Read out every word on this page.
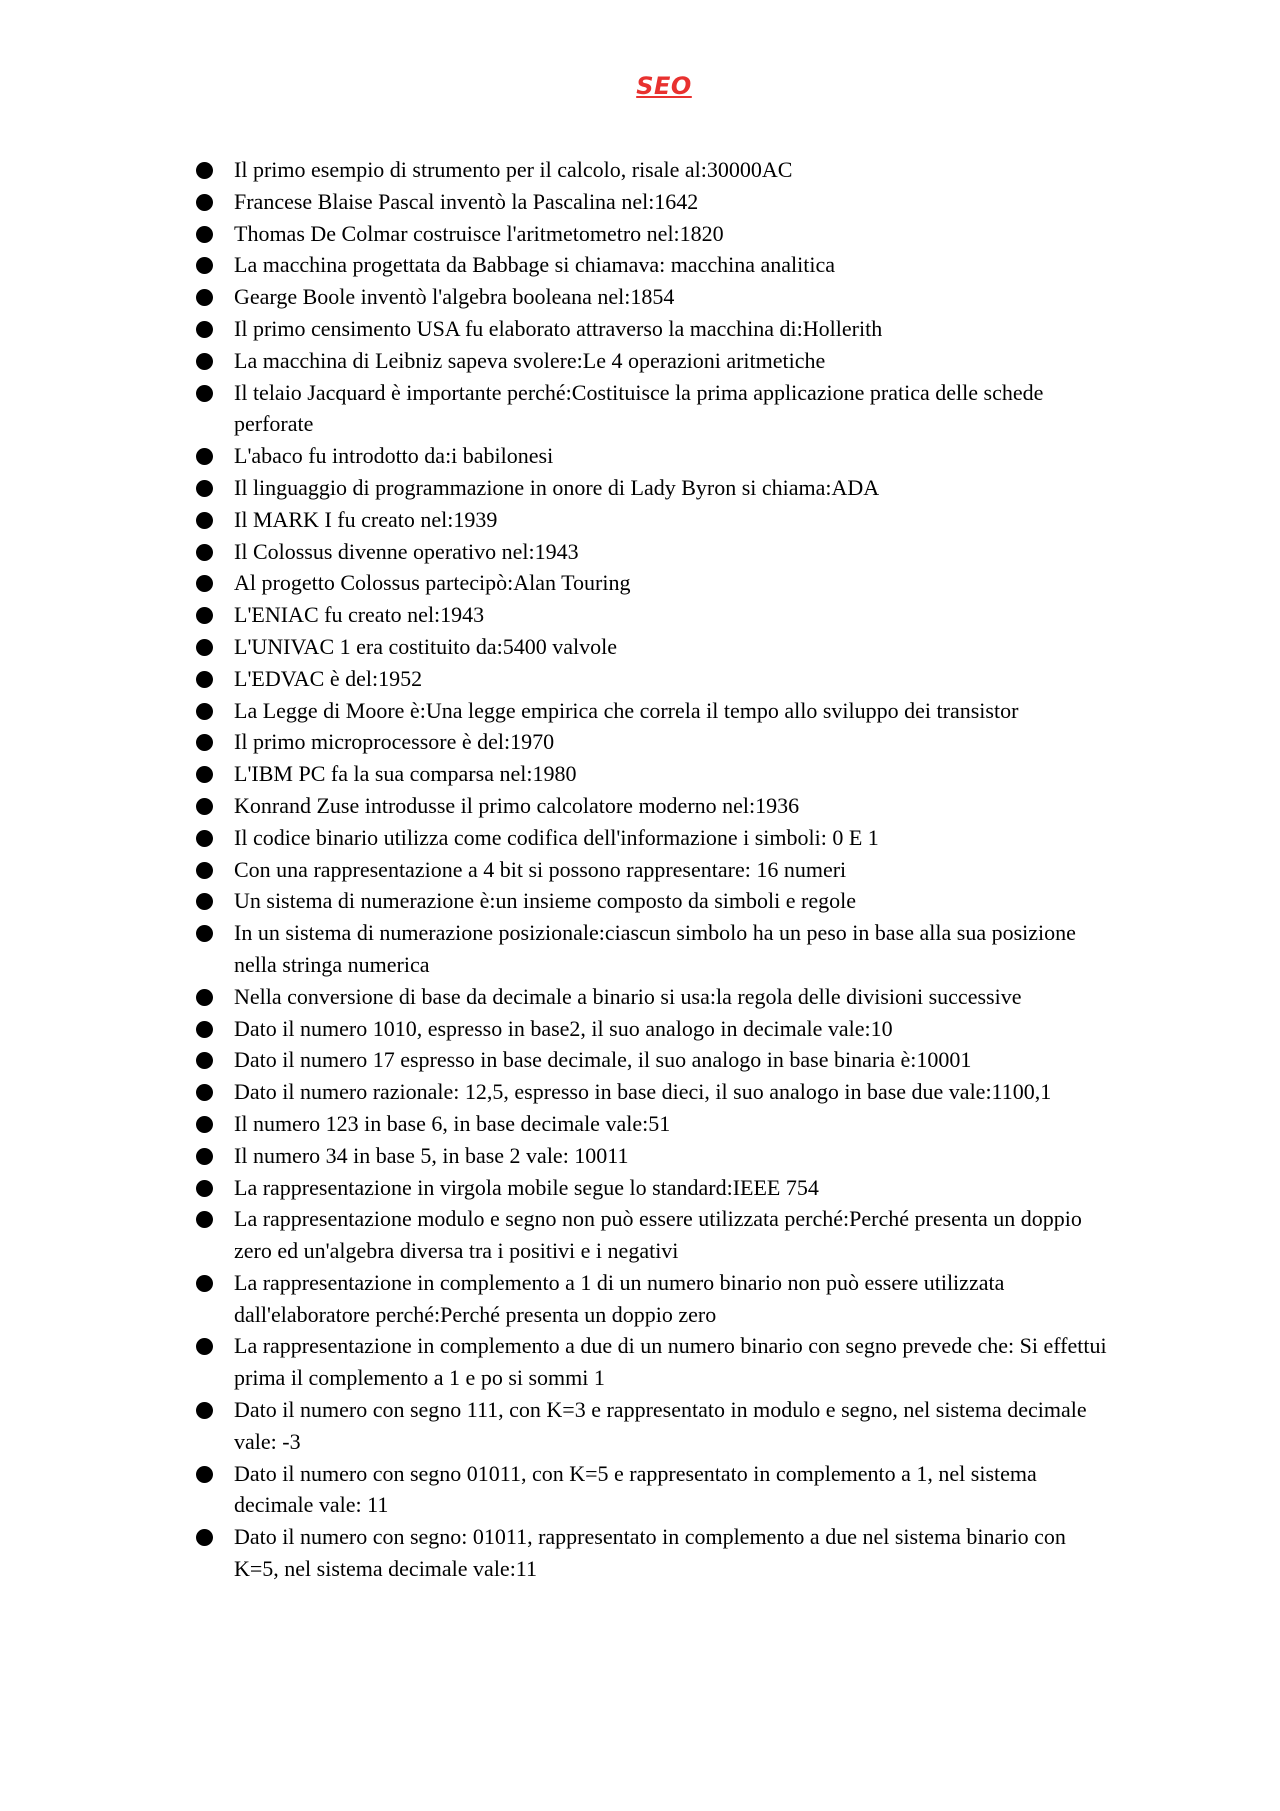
SEO
Il primo esempio di strumento per il calcolo, risale al:30000AC
Francese Blaise Pascal inventò la Pascalina nel:1642
Thomas De Colmar costruisce l'aritmetometro nel:1820
La macchina progettata da Babbage si chiamava: macchina analitica
Gearge Boole inventò l'algebra booleana nel:1854
Il primo censimento USA fu elaborato attraverso la macchina di:Hollerith
La macchina di Leibniz sapeva svolere:Le 4 operazioni aritmetiche
Il telaio Jacquard è importante perché:Costituisce la prima applicazione pratica delle schede perforate
L'abaco fu introdotto da:i babilonesi
Il linguaggio di programmazione in onore di Lady Byron si chiama:ADA
Il MARK I fu creato nel:1939
Il Colossus divenne operativo nel:1943
Al progetto Colossus partecipò:Alan Touring
L'ENIAC fu creato nel:1943
L'UNIVAC 1 era costituito da:5400 valvole
L'EDVAC è del:1952
La Legge di Moore è:Una legge empirica che correla il tempo allo sviluppo dei transistor
Il primo microprocessore è del:1970
L'IBM PC fa la sua comparsa nel:1980
Konrand Zuse introdusse il primo calcolatore moderno nel:1936
Il codice binario utilizza come codifica dell'informazione i simboli: 0 E 1
Con una rappresentazione a 4 bit si possono rappresentare: 16 numeri
Un sistema di numerazione è:un insieme composto da simboli e regole
In un sistema di numerazione posizionale:ciascun simbolo ha un peso in base alla sua posizione nella stringa numerica
Nella conversione di base da decimale a binario si usa:la regola delle divisioni successive
Dato il numero 1010, espresso in base2, il suo analogo in decimale vale:10
Dato il numero 17 espresso in base decimale, il suo analogo in base binaria è:10001
Dato il numero razionale: 12,5, espresso in base dieci, il suo analogo in base due vale:1100,1
Il numero 123 in base 6, in base decimale vale:51
Il numero 34 in base 5, in base 2 vale: 10011
La rappresentazione in virgola mobile segue lo standard:IEEE 754
La rappresentazione modulo e segno non può essere utilizzata perché:Perché presenta un doppio zero ed un'algebra diversa tra i positivi e i negativi
La rappresentazione in complemento a 1 di un numero binario non può essere utilizzata dall'elaboratore perché:Perché presenta un doppio zero
La rappresentazione in complemento a due di un numero binario con segno prevede che: Si effettui prima il complemento a 1 e po si sommi 1
Dato il numero con segno 111, con K=3 e rappresentato in modulo e segno, nel sistema decimale vale: -3
Dato il numero con segno 01011, con K=5 e rappresentato in complemento a 1, nel sistema decimale vale: 11
Dato il numero con segno: 01011, rappresentato in complemento a due nel sistema binario con K=5, nel sistema decimale vale:11
